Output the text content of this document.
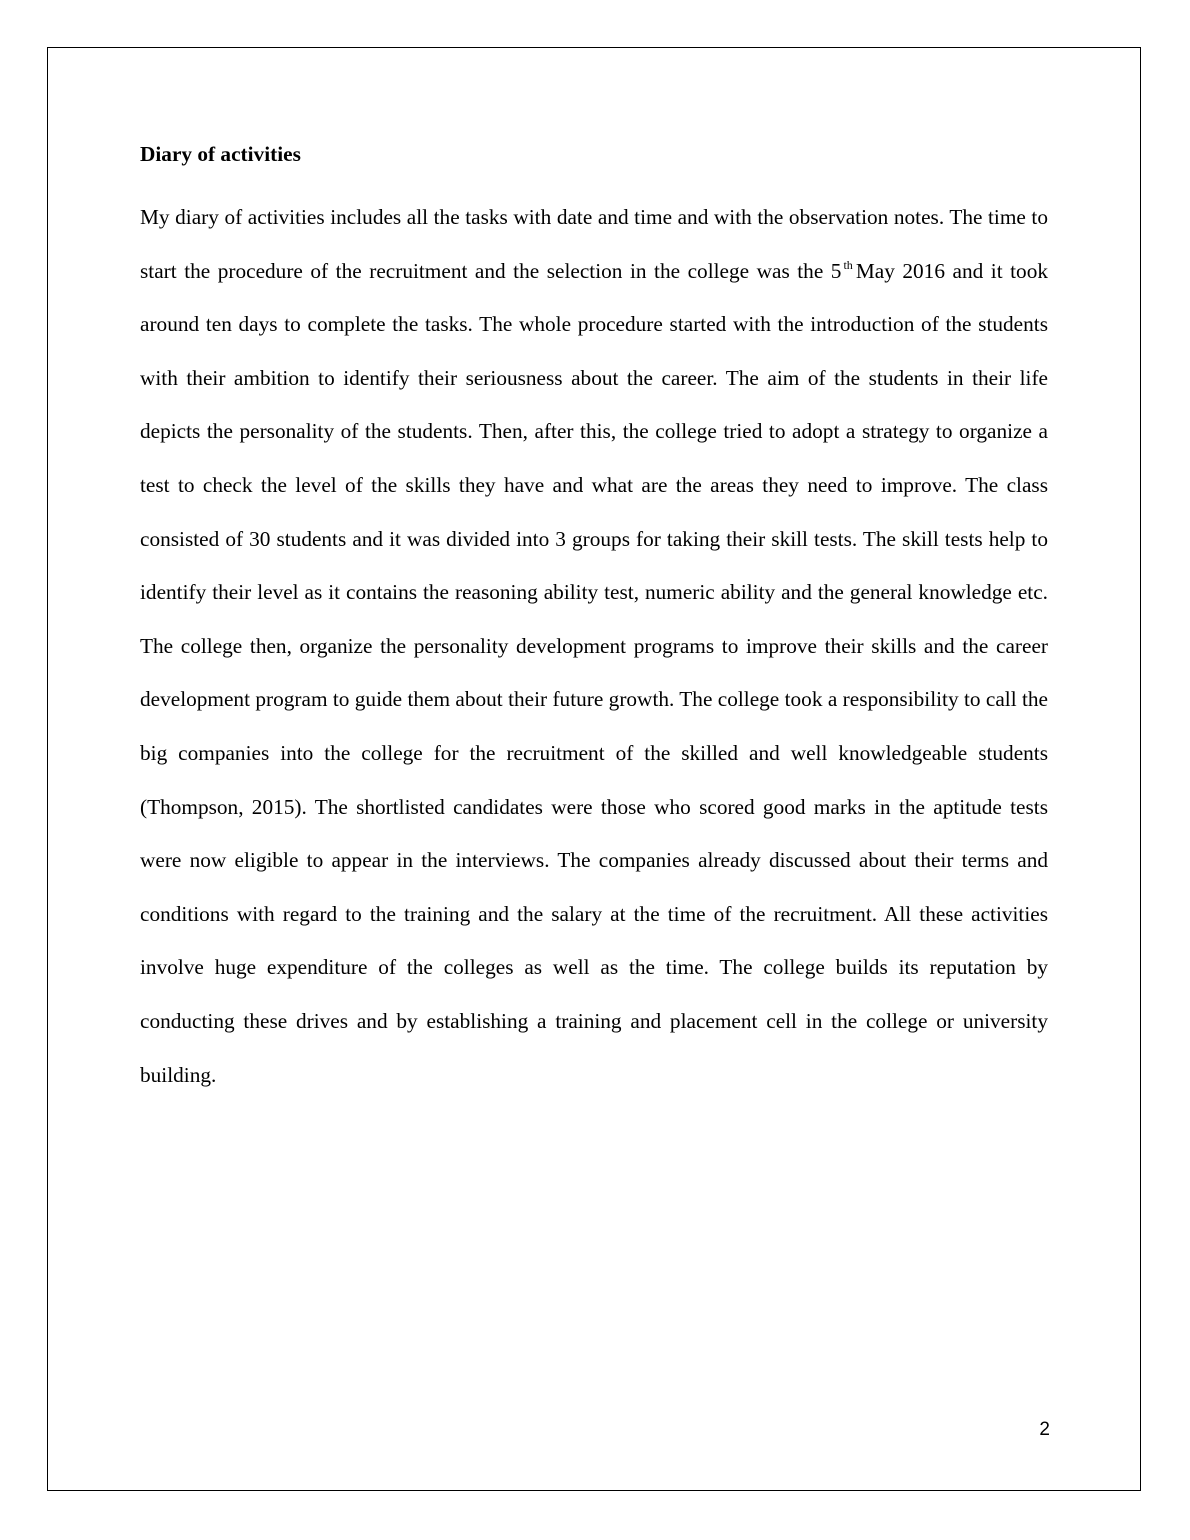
Diary of activities

My diary of activities includes all the tasks with date and time and with the observation notes. The time to start the procedure of the recruitment and the selection in the college was the 5 $^{th}$ May 2016 and it took around ten days to complete the tasks. The whole procedure started with the introduction of the students with their ambition to identify their seriousness about the career. The aim of the students in their life depicts the personality of the students. Then, after this, the college tried to adopt a strategy to organize a test to check the level of the skills they have and what are the areas they need to improve. The class consisted of 30 students and it was divided into 3 groups for taking their skill tests. The skill tests help to identify their level as it contains the reasoning ability test, numeric ability and the general knowledge etc. The college then, organize the personality development programs to improve their skills and the career development program to guide them about their future growth. The college took a responsibility to call the big companies into the college for the recruitment of the skilled and well knowledgeable students (Thompson, 2015). The shortlisted candidates were those who scored good marks in the aptitude tests were now eligible to appear in the interviews. The companies already discussed about their terms and conditions with regard to the training and the salary at the time of the recruitment. All these activities involve huge expenditure of the colleges as well as the time. The college builds its reputation by conducting these drives and by establishing a training and placement cell in the college or university building.

2
